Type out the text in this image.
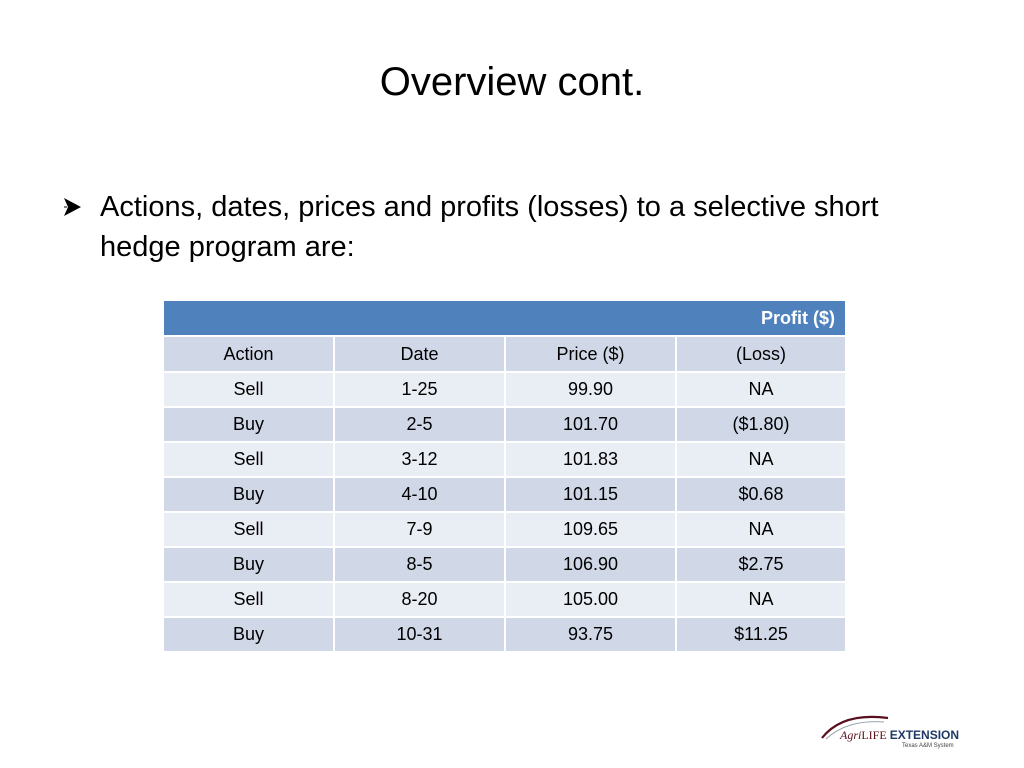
Overview cont.
Actions, dates, prices and profits (losses) to a selective short hedge program are:
Profit ($)			
Action	Date	Price ($)	(Loss)
Sell	1-25	99.90	NA
Buy	2-5	101.70	($1.80)
Sell	3-12	101.83	NA
Buy	4-10	101.15	$0.68
Sell	7-9	109.65	NA
Buy	8-5	106.90	$2.75
Sell	8-20	105.00	NA
Buy	10-31	93.75	$11.25
AgriLIFE EXTENSION
Texas A&M System
